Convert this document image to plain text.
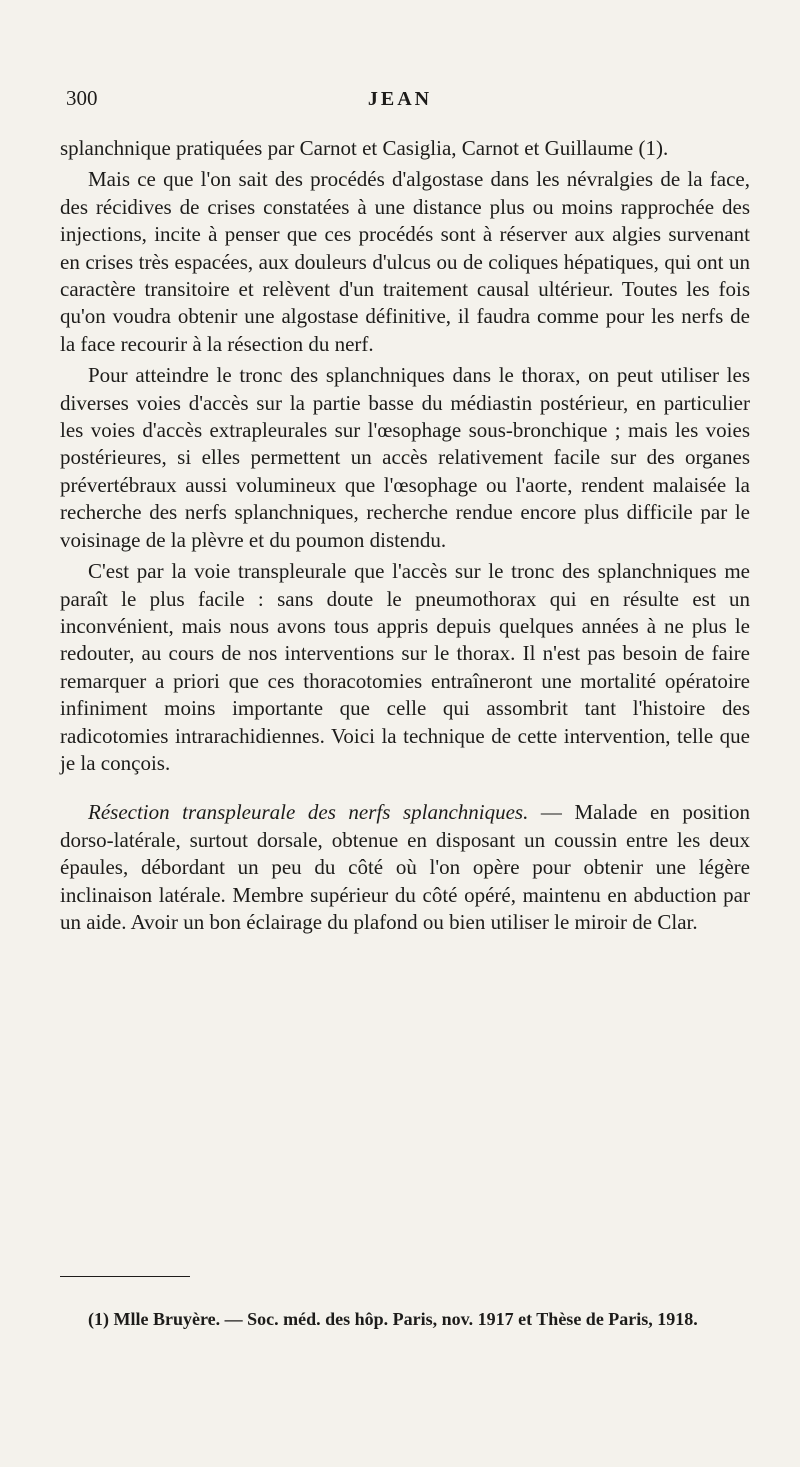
300	JEAN

splanchnique pratiquées par Carnot et Casiglia, Carnot et Guillaume (1).

Mais ce que l'on sait des procédés d'algostase dans les névralgies de la face, des récidives de crises constatées à une distance plus ou moins rapprochée des injections, incite à penser que ces procédés sont à réserver aux algies survenant en crises très espacées, aux douleurs d'ulcus ou de coliques hépatiques, qui ont un caractère transitoire et relèvent d'un traitement causal ultérieur. Toutes les fois qu'on voudra obtenir une algostase définitive, il faudra comme pour les nerfs de la face recourir à la résection du nerf.

Pour atteindre le tronc des splanchniques dans le thorax, on peut utiliser les diverses voies d'accès sur la partie basse du médiastin postérieur, en particulier les voies d'accès extrapleurales sur l'œsophage sous-bronchique ; mais les voies postérieures, si elles permettent un accès relativement facile sur des organes prévertébraux aussi volumineux que l'œsophage ou l'aorte, rendent malaisée la recherche des nerfs splanchniques, recherche rendue encore plus difficile par le voisinage de la plèvre et du poumon distendu.

C'est par la voie transpleurale que l'accès sur le tronc des splanchniques me paraît le plus facile : sans doute le pneumothorax qui en résulte est un inconvénient, mais nous avons tous appris depuis quelques années à ne plus le redouter, au cours de nos interventions sur le thorax. Il n'est pas besoin de faire remarquer a priori que ces thoracotomies entraîneront une mortalité opératoire infiniment moins importante que celle qui assombrit tant l'histoire des radicotomies intrarachidiennes. Voici la technique de cette intervention, telle que je la conçois.

Résection transpleurale des nerfs splanchniques. — Malade en position dorso-latérale, surtout dorsale, obtenue en disposant un coussin entre les deux épaules, débordant un peu du côté où l'on opère pour obtenir une légère inclinaison latérale. Membre supérieur du côté opéré, maintenu en abduction par un aide. Avoir un bon éclairage du plafond ou bien utiliser le miroir de Clar.

(1) Mlle Bruyère. — Soc. méd. des hôp. Paris, nov. 1917 et Thèse de Paris, 1918.
